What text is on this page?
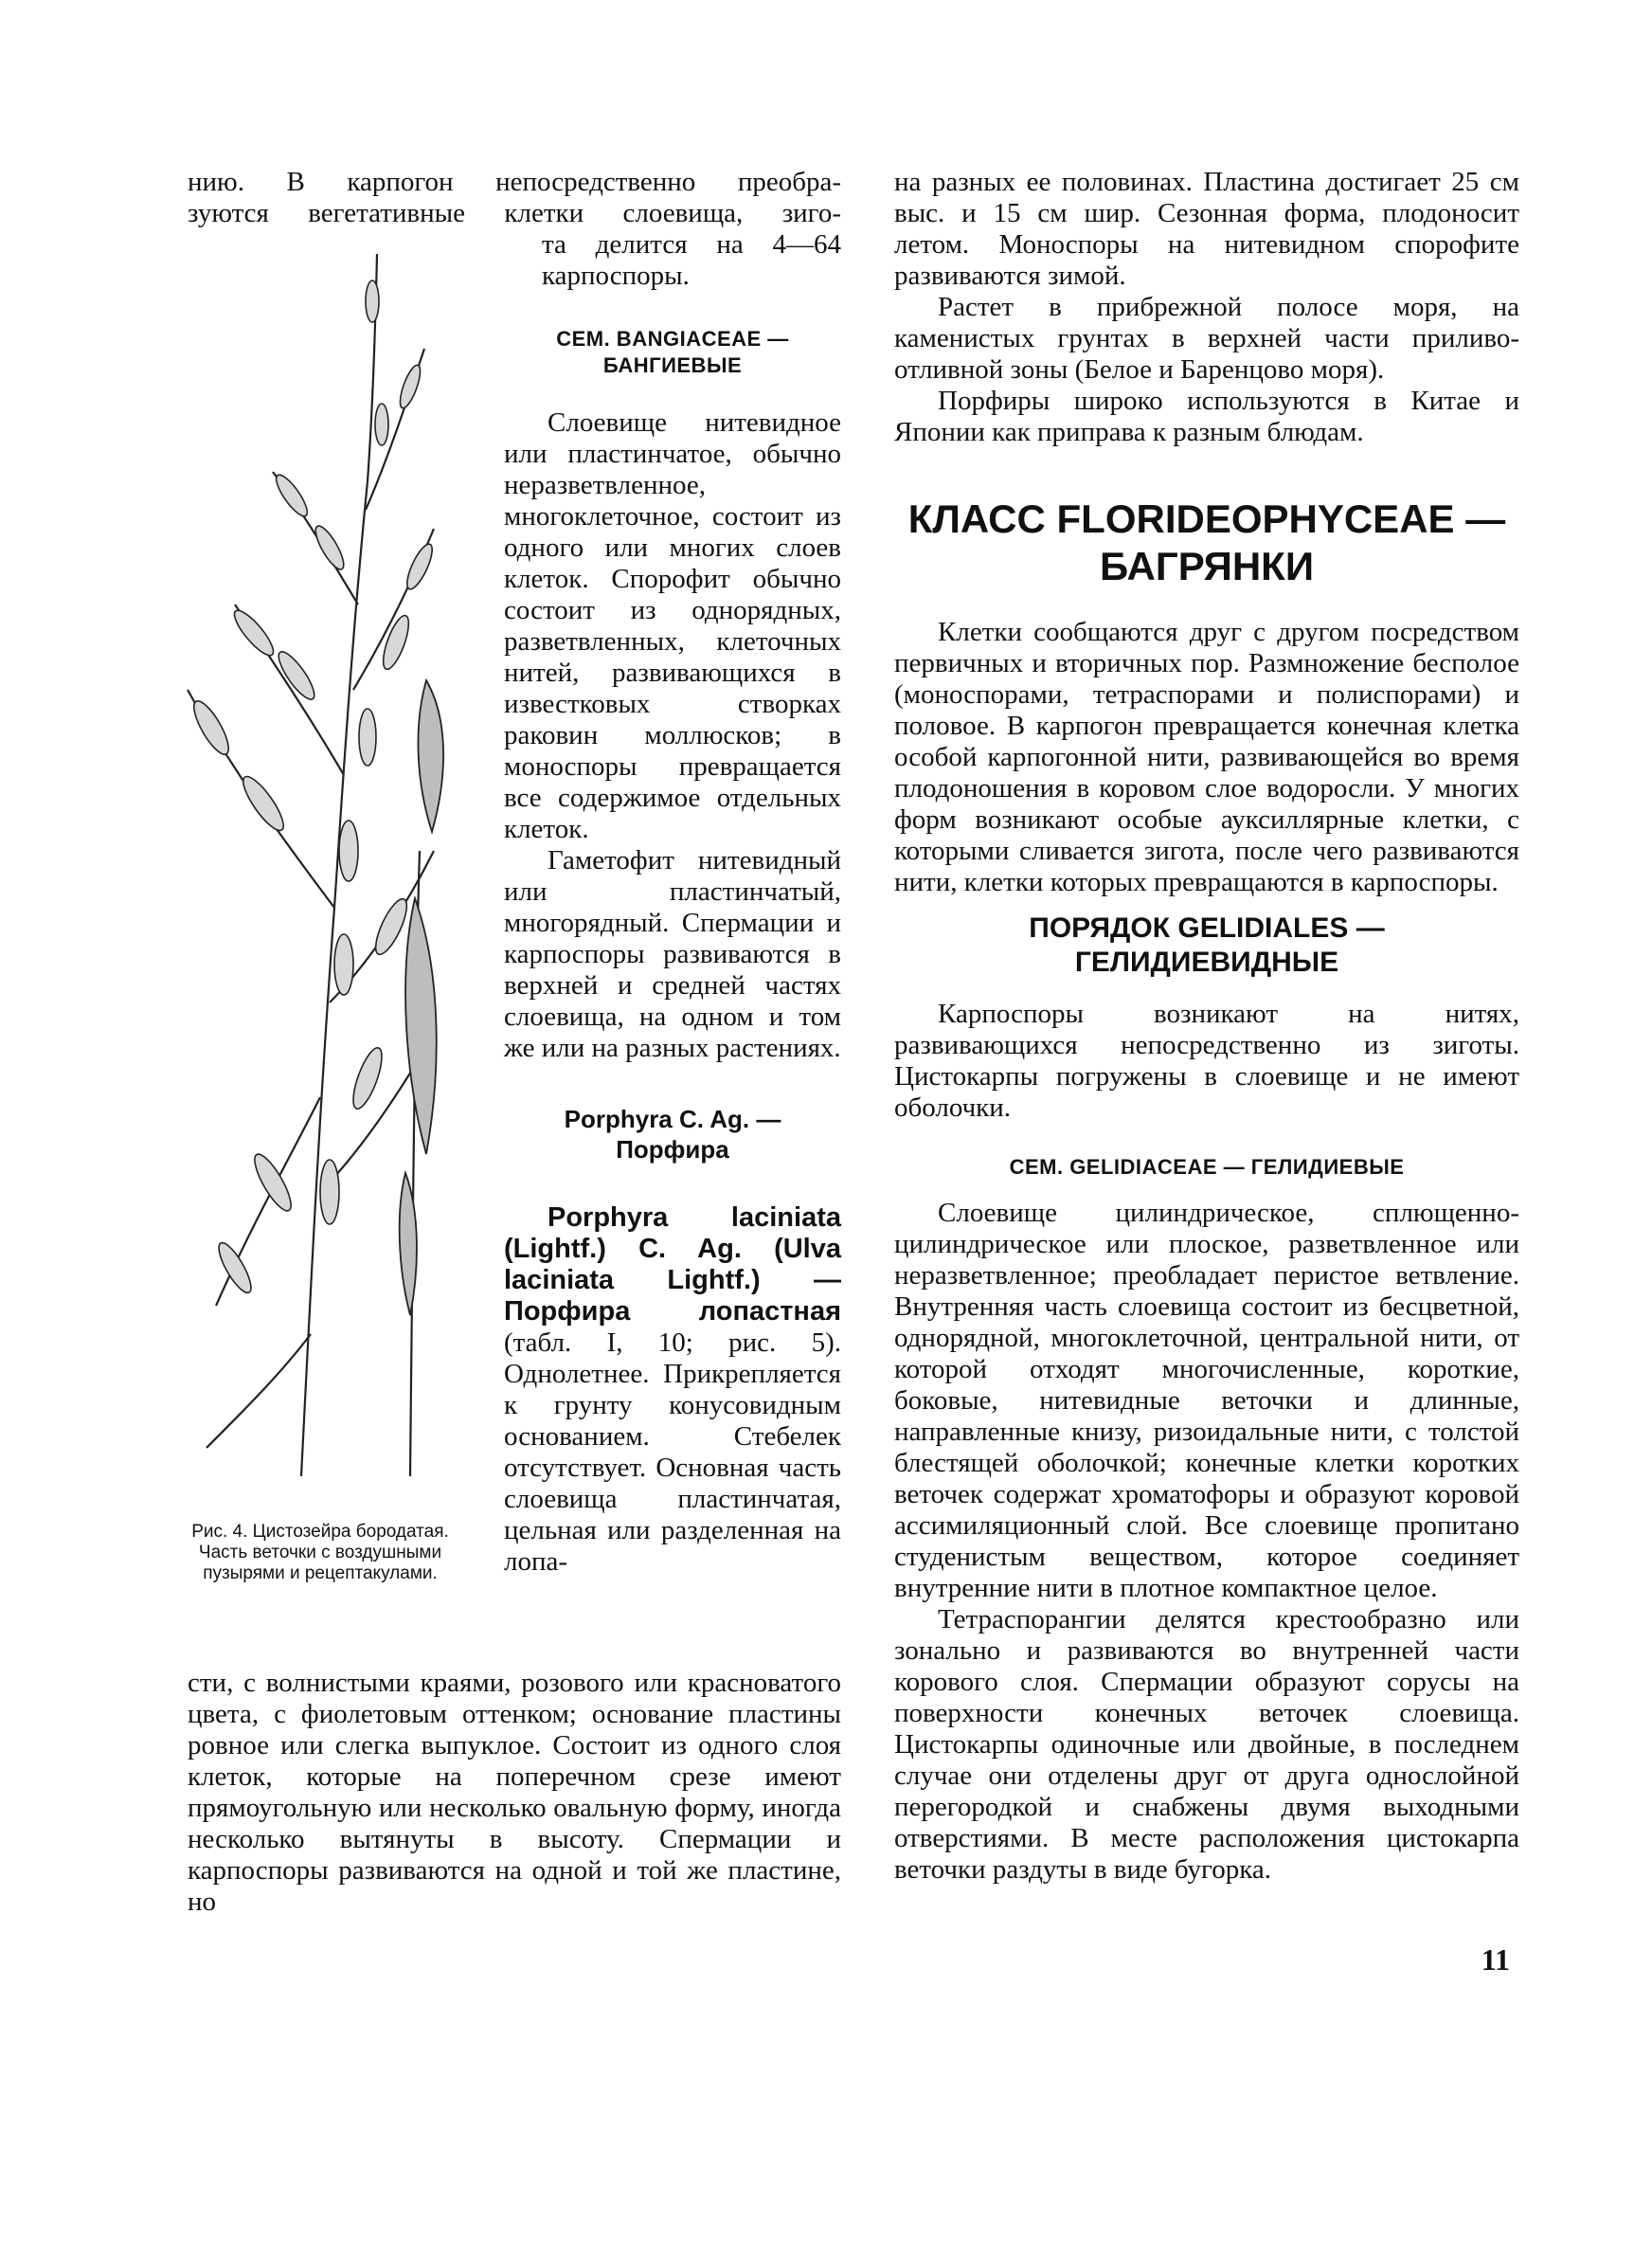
нию. В карпогон непосредственно преобра-

зуются вегетативные клетки слоевища, зиго-

Рис. 4. Цистозейра бородатая. Часть веточки с воздушными пузырями и рецептакулами.

та делится на 4—64 карпоспоры.

СЕМ. BANGIACEAE —
БАНГИЕВЫЕ

Слоевище нитевидное или пластинчатое, обычно неразветвленное, многоклеточное, состоит из одного или многих слоев клеток. Спорофит обычно состоит из однорядных, разветвленных, клеточных нитей, развивающихся в известковых створках раковин моллюсков; в моноспоры превращается все содержимое отдельных клеток.

Гаметофит нитевидный или пластинчатый, многорядный. Спермации и карпоспоры развиваются в верхней и средней частях слоевища, на одном и том же или на разных растениях.

Porphyra C. Ag. —
Порфира

Porphyra laciniata (Lightf.) C. Ag. (Ulva laciniata Lightf.) — Порфира лопастная (табл. I, 10; рис. 5). Однолетнее. Прикрепляется к грунту конусовидным основанием. Стебелек отсутствует. Основная часть слоевища пластинчатая, цельная или разделенная на лопа-

сти, с волнистыми краями, розового или красноватого цвета, с фиолетовым оттенком; основание пластины ровное или слегка выпуклое. Состоит из одного слоя клеток, которые на поперечном срезе имеют прямоугольную или несколько овальную форму, иногда несколько вытянуты в высоту. Спермации и карпоспоры развиваются на одной и той же пластине, но

на разных ее половинах. Пластина достигает 25 см выс. и 15 см шир. Сезонная форма, плодоносит летом. Моноспоры на нитевидном спорофите развиваются зимой.

Растет в прибрежной полосе моря, на каменистых грунтах в верхней части приливо-отливной зоны (Белое и Баренцово моря).

Порфиры широко используются в Китае и Японии как приправа к разным блюдам.

КЛАСС FLORIDEOPHYCEAE —
БАГРЯНКИ

Клетки сообщаются друг с другом посредством первичных и вторичных пор. Размножение бесполое (моноспорами, тетраспорами и полиспорами) и половое. В карпогон превращается конечная клетка особой карпогонной нити, развивающейся во время плодоношения в коровом слое водоросли. У многих форм возникают особые ауксиллярные клетки, с которыми сливается зигота, после чего развиваются нити, клетки которых превращаются в карпоспоры.

ПОРЯДОК GELIDIALES — ГЕЛИДИЕВИДНЫЕ

Карпоспоры возникают на нитях, развивающихся непосредственно из зиготы. Цистокарпы погружены в слоевище и не имеют оболочки.

СЕМ. GELIDIACEAE — ГЕЛИДИЕВЫЕ

Слоевище цилиндрическое, сплющенно-цилиндрическое или плоское, разветвленное или неразветвленное; преобладает перистое ветвление. Внутренняя часть слоевища состоит из бесцветной, однорядной, многоклеточной, центральной нити, от которой отходят многочисленные, короткие, боковые, нитевидные веточки и длинные, направленные книзу, ризоидальные нити, с толстой блестящей оболочкой; конечные клетки коротких веточек содержат хроматофоры и образуют коровой ассимиляционный слой. Все слоевище пропитано студенистым веществом, которое соединяет внутренние нити в плотное компактное целое.

Тетраспорангии делятся крестообразно или зонально и развиваются во внутренней части корового слоя. Спермации образуют сорусы на поверхности конечных веточек слоевища. Цистокарпы одиночные или двойные, в последнем случае они отделены друг от друга однослойной перегородкой и снабжены двумя выходными отверстиями. В месте расположения цистокарпа веточки раздуты в виде бугорка.

11
